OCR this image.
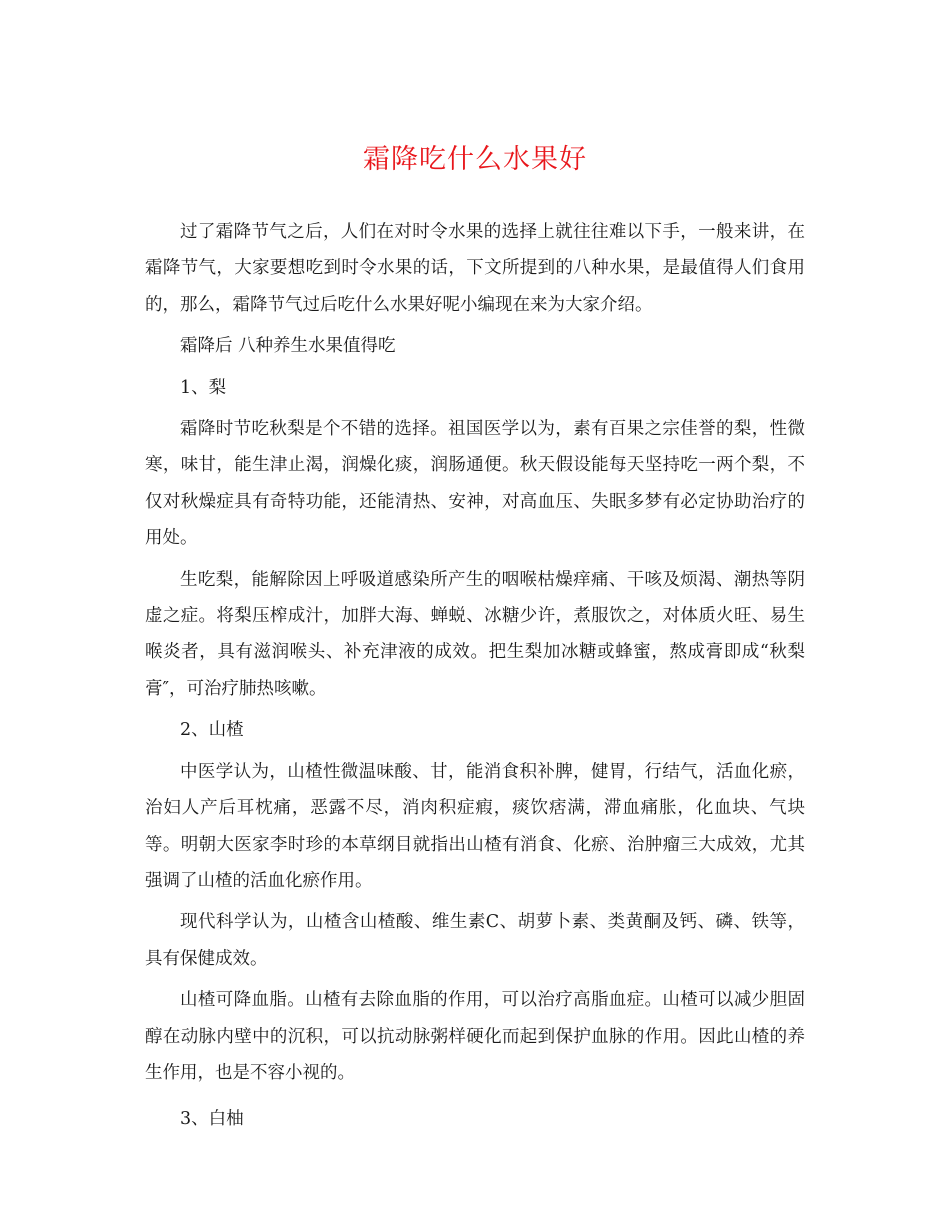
霜降吃什么水果好

过了霜降节气之后，人们在对时令水果的选择上就往往难以下手，一般来讲，在霜降节气，大家要想吃到时令水果的话，下文所提到的八种水果，是最值得人们食用的，那么，霜降节气过后吃什么水果好呢小编现在来为大家介绍。

霜降后 八种养生水果值得吃

1、梨

霜降时节吃秋梨是个不错的选择。祖国医学以为，素有百果之宗佳誉的梨，性微寒，味甘，能生津止渴，润燥化痰，润肠通便。秋天假设能每天坚持吃一两个梨，不仅对秋燥症具有奇特功能，还能清热、安神，对高血压、失眠多梦有必定协助治疗的用处。

生吃梨，能解除因上呼吸道感染所产生的咽喉枯燥痒痛、干咳及烦渴、潮热等阴虚之症。将梨压榨成汁，加胖大海、蝉蜕、冰糖少许，煮服饮之，对体质火旺、易生喉炎者，具有滋润喉头、补充津液的成效。把生梨加冰糖或蜂蜜，熬成膏即成“秋梨膏″，可治疗肺热咳嗽。

2、山楂

中医学认为，山楂性微温味酸、甘，能消食积补脾，健胃，行结气，活血化瘀，治妇人产后耳枕痛，恶露不尽，消肉积症瘕，痰饮痞满，滞血痛胀，化血块、气块等。明朝大医家李时珍的本草纲目就指出山楂有消食、化瘀、治肿瘤三大成效，尤其强调了山楂的活血化瘀作用。

现代科学认为，山楂含山楂酸、维生素C、胡萝卜素、类黄酮及钙、磷、铁等，具有保健成效。

山楂可降血脂。山楂有去除血脂的作用，可以治疗高脂血症。山楂可以减少胆固醇在动脉内壁中的沉积，可以抗动脉粥样硬化而起到保护血脉的作用。因此山楂的养生作用，也是不容小视的。

3、白柚
